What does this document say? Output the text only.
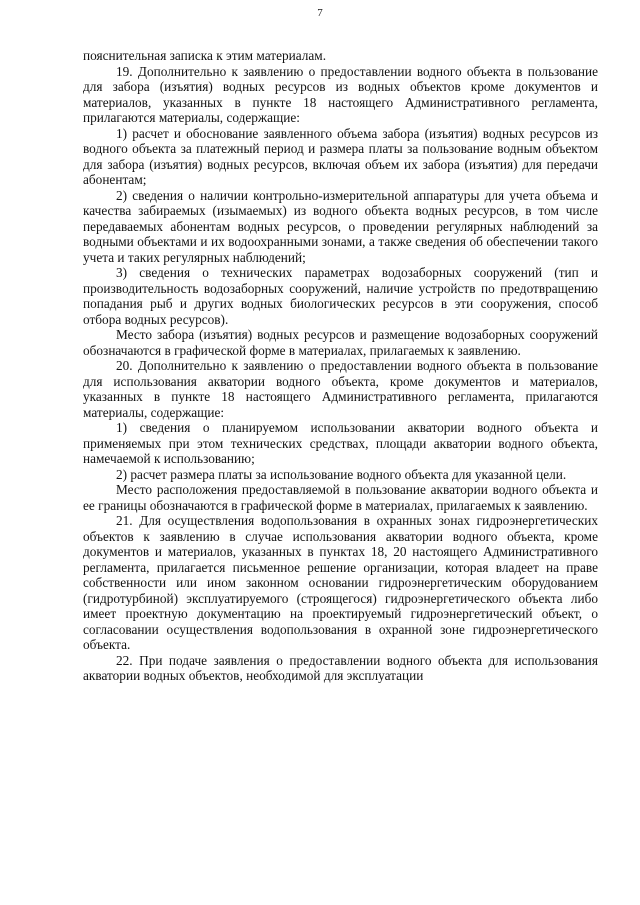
7

пояснительная записка к этим материалам.

19. Дополнительно к заявлению о предоставлении водного объекта в пользование для забора (изъятия) водных ресурсов из водных объектов кроме документов и материалов, указанных в пункте 18 настоящего Административного регламента, прилагаются материалы, содержащие:

1) расчет и обоснование заявленного объема забора (изъятия) водных ресурсов из водного объекта за платежный период и размера платы за пользование водным объектом для забора (изъятия) водных ресурсов, включая объем их забора (изъятия) для передачи абонентам;

2) сведения о наличии контрольно-измерительной аппаратуры для учета объема и качества забираемых (изымаемых) из водного объекта водных ресурсов, в том числе передаваемых абонентам водных ресурсов, о проведении регулярных наблюдений за водными объектами и их водоохранными зонами, а также сведения об обеспечении такого учета и таких регулярных наблюдений;

3) сведения о технических параметрах водозаборных сооружений (тип и производительность водозаборных сооружений, наличие устройств по предотвращению попадания рыб и других водных биологических ресурсов в эти сооружения, способ отбора водных ресурсов).

Место забора (изъятия) водных ресурсов и размещение водозаборных сооружений обозначаются в графической форме в материалах, прилагаемых к заявлению.

20. Дополнительно к заявлению о предоставлении водного объекта в пользование для использования акватории водного объекта, кроме документов и материалов, указанных в пункте 18 настоящего Административного регламента, прилагаются материалы, содержащие:

1) сведения о планируемом использовании акватории водного объекта и применяемых при этом технических средствах, площади акватории водного объекта, намечаемой к использованию;

2) расчет размера платы за использование водного объекта для указанной цели.

Место расположения предоставляемой в пользование акватории водного объекта и ее границы обозначаются в графической форме в материалах, прилагаемых к заявлению.

21. Для осуществления водопользования в охранных зонах гидроэнергетических объектов к заявлению в случае использования акватории водного объекта, кроме документов и материалов, указанных в пунктах 18, 20 настоящего Административного регламента, прилагается письменное решение организации, которая владеет на праве собственности или ином законном основании гидроэнергетическим оборудованием (гидротурбиной) эксплуатируемого (строящегося) гидроэнергетического объекта либо имеет проектную документацию на проектируемый гидроэнергетический объект, о согласовании осуществления водопользования в охранной зоне гидроэнергетического объекта.

22. При подаче заявления о предоставлении водного объекта для использования акватории водных объектов, необходимой для эксплуатации
